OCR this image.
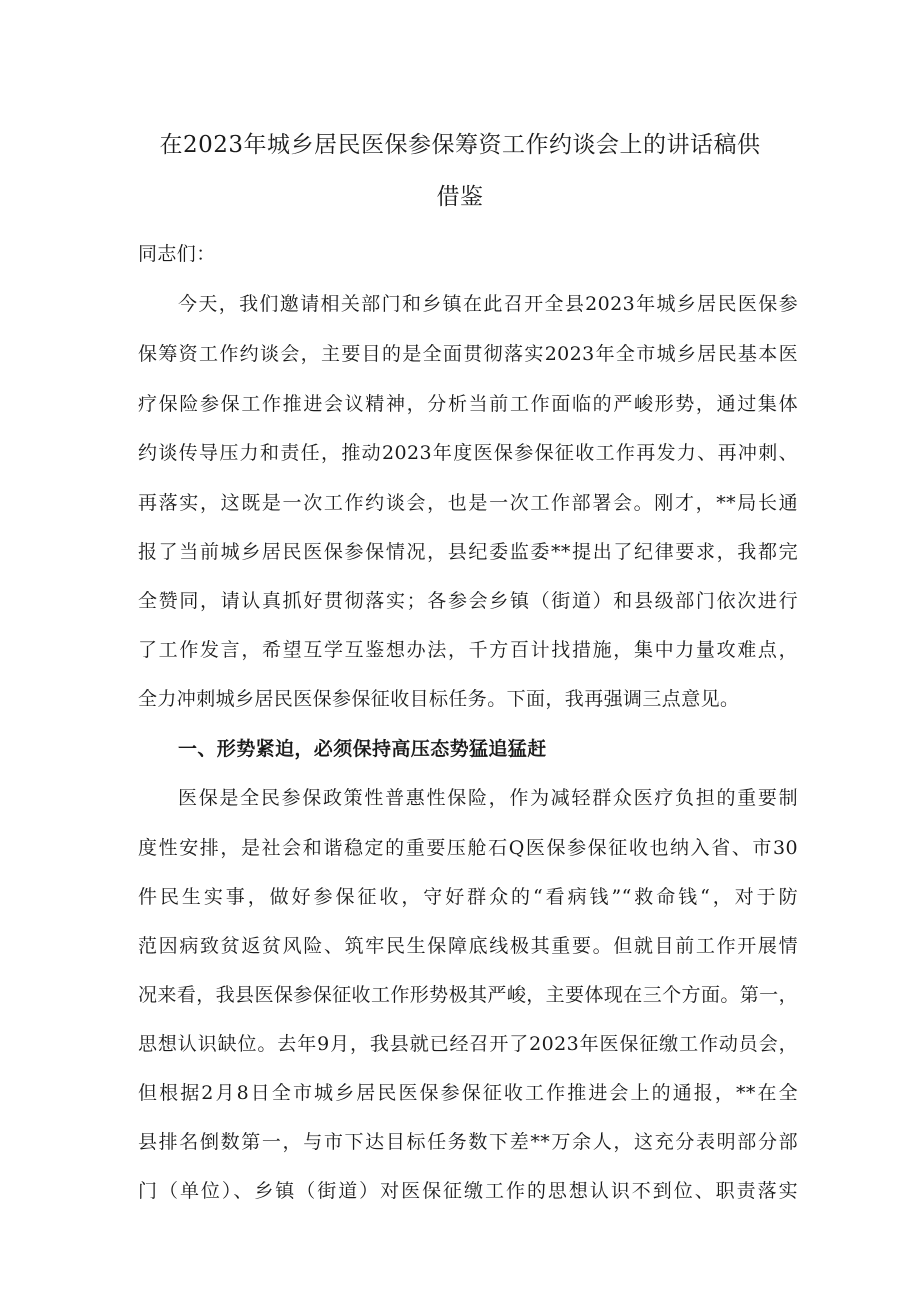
在2023年城乡居民医保参保筹资工作约谈会上的讲话稿供
借鉴
同志们：
今天，我们邀请相关部门和乡镇在此召开全县2023年城乡居民医保参
保筹资工作约谈会，主要目的是全面贯彻落实2023年全市城乡居民基本医
疗保险参保工作推进会议精神，分析当前工作面临的严峻形势，通过集体
约谈传导压力和责任，推动2023年度医保参保征收工作再发力、再冲刺、
再落实，这既是一次工作约谈会，也是一次工作部署会。刚才，**局长通
报了当前城乡居民医保参保情况，县纪委监委**提出了纪律要求，我都完
全赞同，请认真抓好贯彻落实；各参会乡镇（街道）和县级部门依次进行
了工作发言，希望互学互鉴想办法，千方百计找措施，集中力量攻难点，
全力冲刺城乡居民医保参保征收目标任务。下面，我再强调三点意见。
一、形势紧迫，必须保持高压态势猛追猛赶
医保是全民参保政策性普惠性保险，作为减轻群众医疗负担的重要制
度性安排，是社会和谐稳定的重要压舱石Q医保参保征收也纳入省、市30
件民生实事，做好参保征收，守好群众的“看病钱”“救命钱“，对于防
范因病致贫返贫风险、筑牢民生保障底线极其重要。但就目前工作开展情
况来看，我县医保参保征收工作形势极其严峻，主要体现在三个方面。第一，
思想认识缺位。去年9月，我县就已经召开了2023年医保征缴工作动员会，
但根据2月8日全市城乡居民医保参保征收工作推进会上的通报，**在全
县排名倒数第一，与市下达目标任务数下差**万余人，这充分表明部分部
门（单位）、乡镇（街道）对医保征缴工作的思想认识不到位、职责落实
